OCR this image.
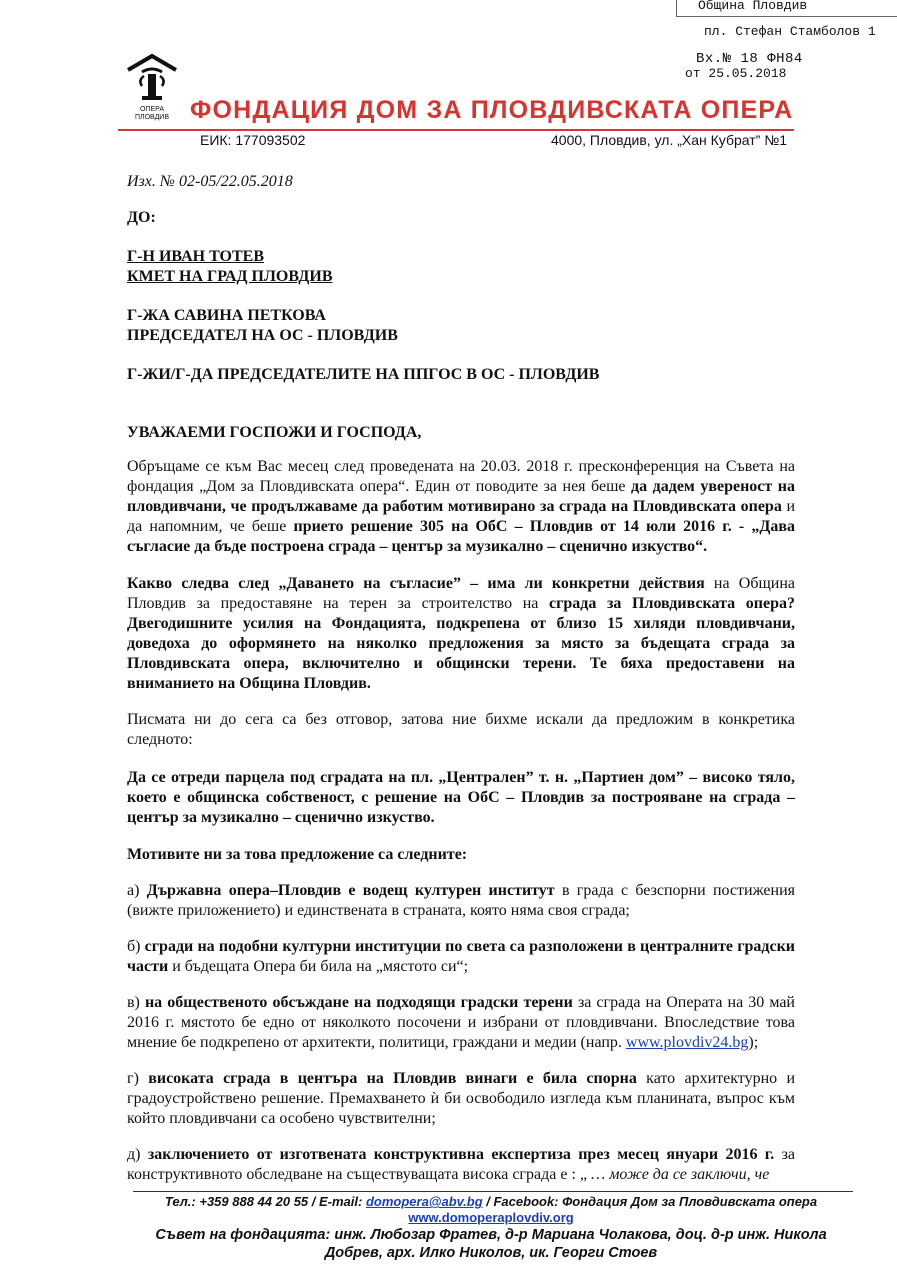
Община Пловдив
пл. Стефан Стамболов 1
Вх.№ 18 ФН84
от 25.05.2018
ОПЕРА
ПЛОВДИВ ФОНДАЦИЯ ДОМ ЗА ПЛОВДИВСКАТА ОПЕРА
ЕИК: 177093502	4000, Пловдив, ул. „Хан Кубрат” №1

Изх. № 02-05/22.05.2018

ДО:

Г-Н ИВАН ТОТЕВ

КМЕТ НА ГРАД ПЛОВДИВ

Г-ЖА САВИНА ПЕТКОВА

ПРЕДСЕДАТЕЛ НА ОС - ПЛОВДИВ

Г-ЖИ/Г-ДА ПРЕДСЕДАТЕЛИТЕ НА ППГОС В ОС - ПЛОВДИВ

УВАЖАЕМИ ГОСПОЖИ И ГОСПОДА,

Обръщаме се към Вас месец след проведената на 20.03. 2018 г. пресконференция на Съвета на фондация „Дом за Пловдивската опера“. Един от поводите за нея беше да дадем увереност на пловдивчани, че продължаваме да работим мотивирано за сграда на Пловдивската опера и да напомним, че беше прието решение 305 на ОбС – Пловдив от 14 юли 2016 г. - „Дава съгласие да бъде построена сграда – център за музикално – сценично изкуство“.

Какво следва след „Даването на съгласие” – има ли конкретни действия на Община Пловдив за предоставяне на терен за строителство на сграда за Пловдивската опера? Двегодишните усилия на Фондацията, подкрепена от близо 15 хиляди пловдивчани, доведоха до оформянето на няколко предложения за място за бъдещата сграда за Пловдивската опера, включително и общински терени. Те бяха предоставени на вниманието на Община Пловдив.

Писмата ни до сега са без отговор, затова ние бихме искали да предложим в конкретика следното:

Да се отреди парцела под сградата на пл. „Централен” т. н. „Партиен дом” – високо тяло, което е общинска собственост, с решение на ОбС – Пловдив за построяване на сграда – център за музикално – сценично изкуство.

Мотивите ни за това предложение са следните:

а) Държавна опера–Пловдив е водещ културен институт в града с безспорни постижения (вижте приложението) и единствената в страната, която няма своя сграда;

б) сгради на подобни културни институции по света са разположени в централните градски части и бъдещата Опера би била на „мястото си“;

в) на общественото обсъждане на подходящи градски терени за сграда на Операта на 30 май 2016 г. мястото бе едно от няколкото посочени и избрани от пловдивчани. Впоследствие това мнение бе подкрепено от архитекти, политици, граждани и медии (напр. www.plovdiv24.bg);

г) високата сграда в центъра на Пловдив винаги е била спорна като архитектурно и градоустройствено решение. Премахването ѝ би освободило изгледа към планината, въпрос към който пловдивчани са особено чувствителни;

д) заключението от изготвената конструктивна експертиза през месец януари 2016 г. за конструктивното обследване на съществуващата висока сграда е : „ … може да се заключи, че

Тел.: +359 888 44 20 55 / E-mail: domopera@abv.bg / Facebook: Фондация Дом за Пловдивската опера
www.domoperaplovdiv.org
Съвет на фондацията: инж. Любозар Фратев, д-р Мариана Чолакова, доц. д-р инж. Никола
Добрев, арх. Илко Николов, ик. Георги Стоев
